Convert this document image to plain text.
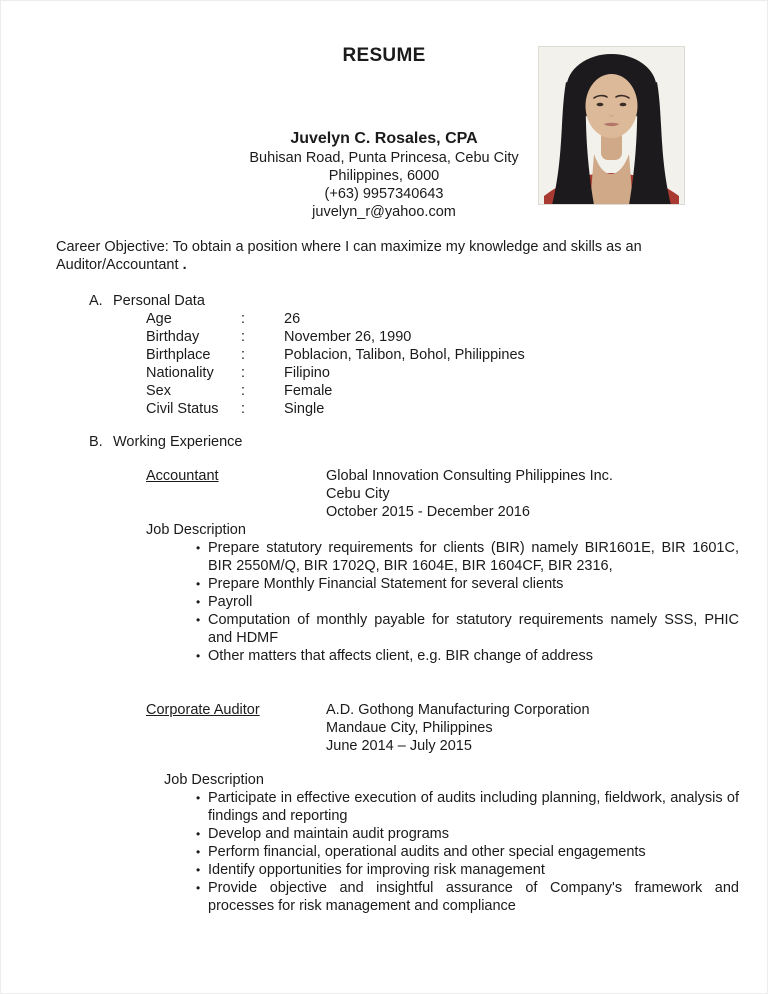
RESUME
Juvelyn C. Rosales, CPA
Buhisan Road, Punta Princesa, Cebu City
Philippines, 6000
(+63) 9957340643
juvelyn_r@yahoo.com
Career Objective: To obtain a position where I can maximize my knowledge and skills as an Auditor/Accountant .
A. Personal Data
Age	:	26
Birthday	:	November 26, 1990
Birthplace :	Poblacion, Talibon, Bohol, Philippines
Nationality :	Filipino
Sex	:	Female
Civil Status :	Single
B. Working Experience
Accountant	Global Innovation Consulting Philippines Inc.
Cebu City
October 2015 - December 2016
Job Description
• Prepare statutory requirements for clients (BIR) namely BIR1601E, BIR 1601C, BIR 2550M/Q, BIR 1702Q, BIR 1604E, BIR 1604CF, BIR 2316,
• Prepare Monthly Financial Statement for several clients
• Payroll
• Computation of monthly payable for statutory requirements namely SSS, PHIC and HDMF
• Other matters that affects client, e.g. BIR change of address
Corporate Auditor	A.D. Gothong Manufacturing Corporation
Mandaue City, Philippines
June 2014 – July 2015
Job Description
• Participate in effective execution of audits including planning, fieldwork, analysis of findings and reporting
• Develop and maintain audit programs
• Perform financial, operational audits and other special engagements
• Identify opportunities for improving risk management
• Provide objective and insightful assurance of Company's framework and processes for risk management and compliance
